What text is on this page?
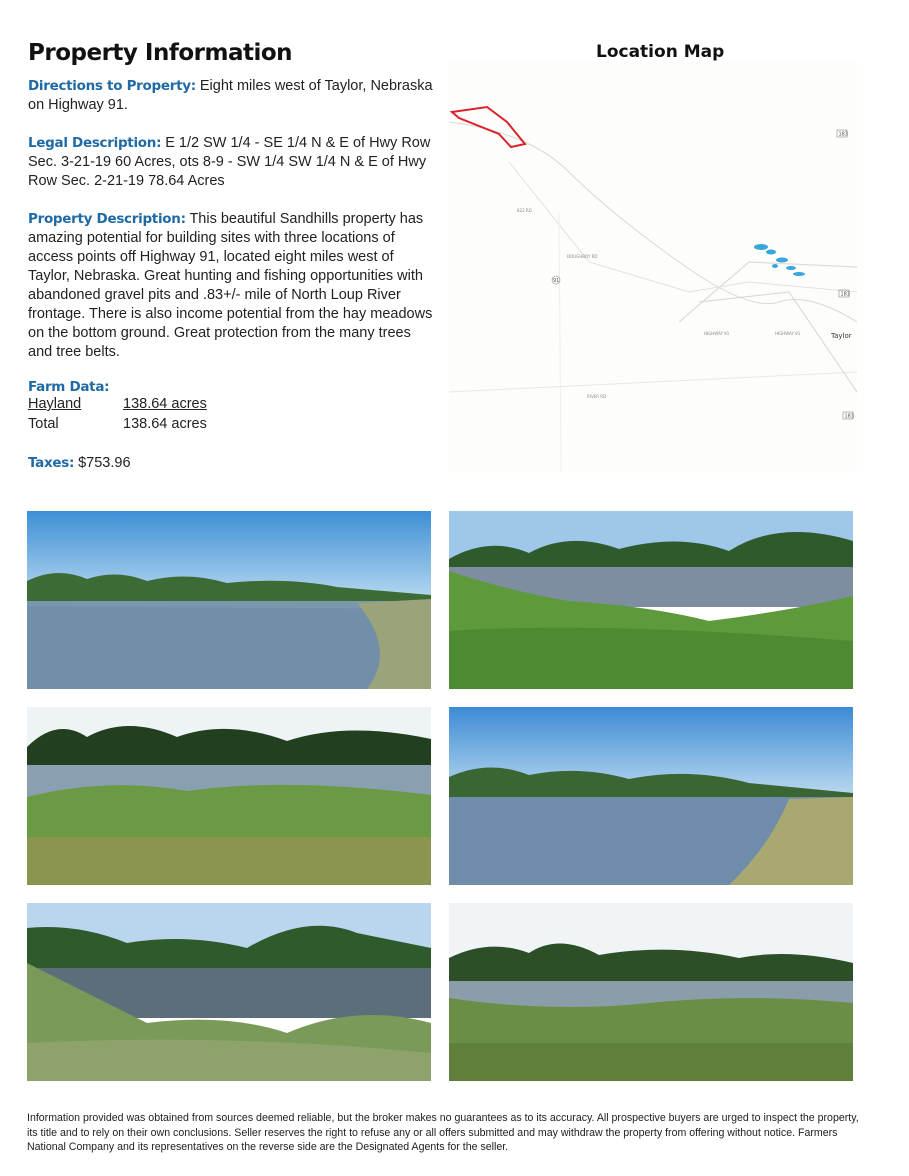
Property Information	Location Map

Directions to Property: Eight miles west of Taylor, Nebraska on Highway 91.

Legal Description: E 1/2 SW 1/4 - SE 1/4 N & E of Hwy Row Sec. 3-21-19 60 Acres, ots 8-9 - SW 1/4 SW 1/4 N & E of Hwy Row Sec. 2-21-19 78.64 Acres

Property Description: This beautiful Sandhills property has amazing potential for building sites with three locations of access points off Highway 91, located eight miles west of Taylor, Nebraska. Great hunting and fishing opportunities with abandoned gravel pits and .83+/- mile of North Loup River frontage. There is also income potential from the hay meadows on the bottom ground. Great protection from the many trees and tree belts.

Farm Data:
Hayland	138.64 acres
Total	138.64 acres

Taxes: $753.96

183
183
183
91
HIGHWAY 91	HIGHWAY 91
DOUGHBOY RD
RIVER RD
822 RD
Taylor

Information provided was obtained from sources deemed reliable, but the broker makes no guarantees as to its accuracy. All prospective buyers are urged to inspect the property, its title and to rely on their own conclusions. Seller reserves the right to refuse any or all offers submitted and may withdraw the property from offering without notice. Farmers National Company and its representatives on the reverse side are the Designated Agents for the seller.
